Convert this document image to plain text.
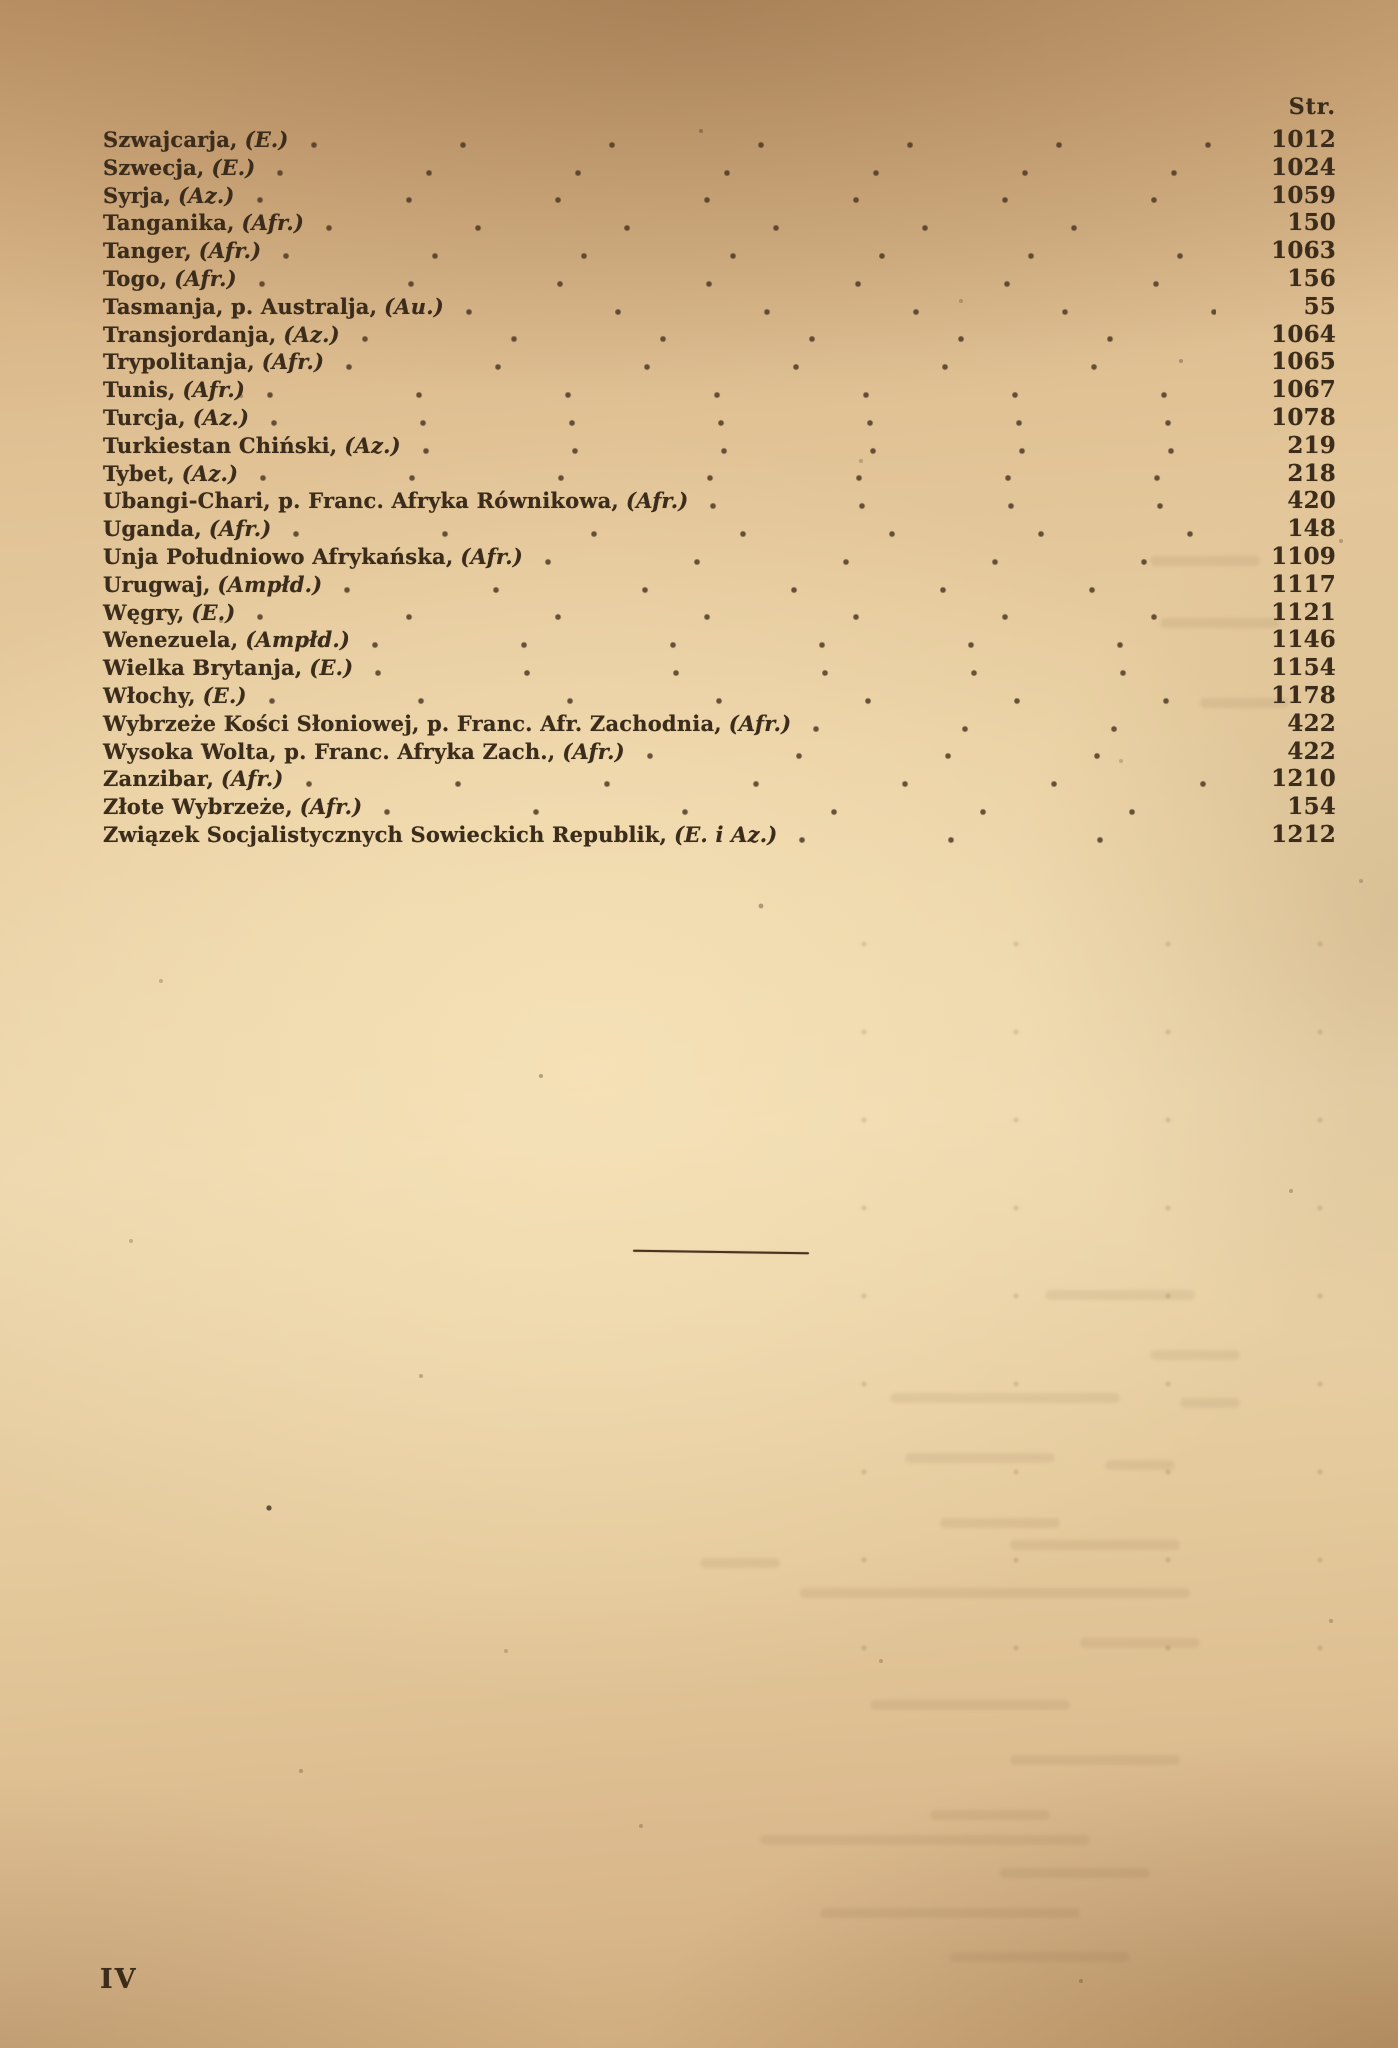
Str.
Szwajcarja, (E.)	1012
Szwecja, (E.)	1024
Syrja, (Az.)	1059
Tanganika, (Afr.)	150
Tanger, (Afr.)	1063
Togo, (Afr.)	156
Tasmanja, p. Australja, (Au.)	55
Transjordanja, (Az.)	1064
Trypolitanja, (Afr.)	1065
Tunis, (Afr.)	1067
Turcja, (Az.)	1078
Turkiestan Chiński, (Az.)	219
Tybet, (Az.)	218
Ubangi-Chari, p. Franc. Afryka Równikowa, (Afr.)	420
Uganda, (Afr.)	148
Unja Południowo Afrykańska, (Afr.)	1109
Urugwaj, (Ampłd.)	1117
Węgry, (E.)	1121
Wenezuela, (Ampłd.)	1146
Wielka Brytanja, (E.)	1154
Włochy, (E.)	1178
Wybrzeże Kości Słoniowej, p. Franc. Afr. Zachodnia, (Afr.)	422
Wysoka Wolta, p. Franc. Afryka Zach., (Afr.)	422
Zanzibar, (Afr.)	1210
Złote Wybrzeże, (Afr.)	154
Związek Socjalistycznych Sowieckich Republik, (E. i Az.)	1212
IV
